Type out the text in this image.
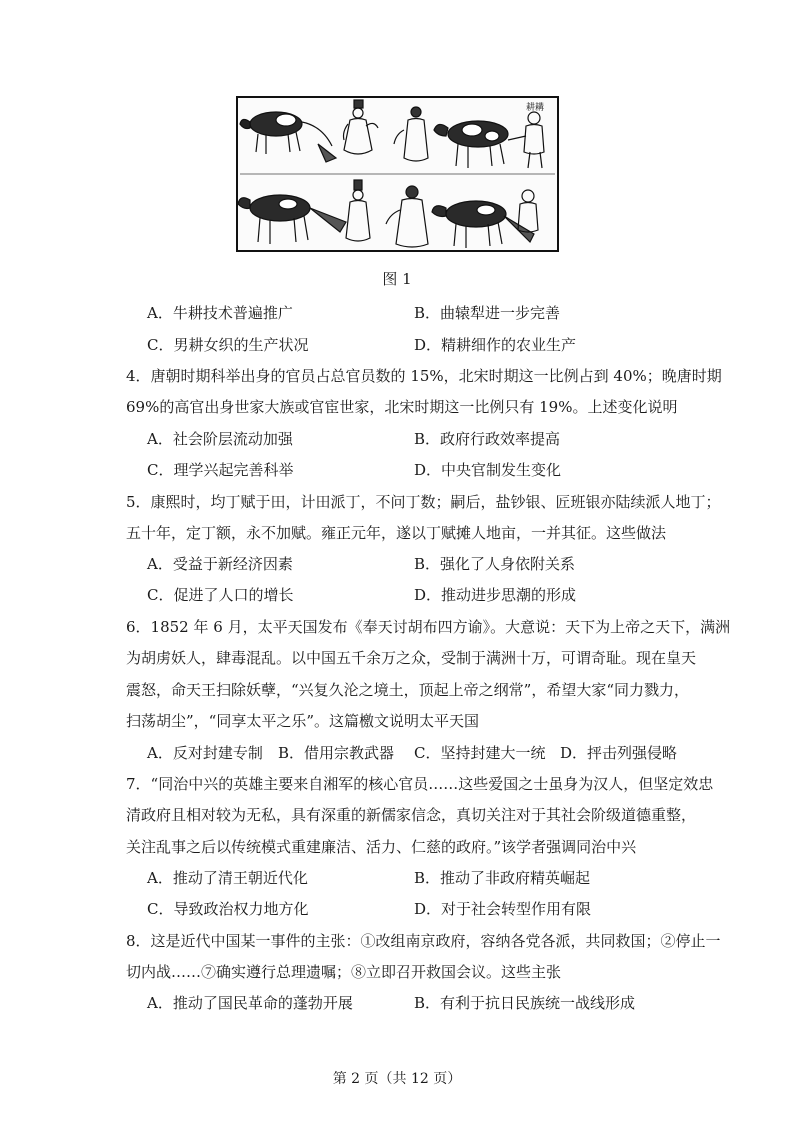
耕耩
图 1
A．牛耕技术普遍推广	B．曲辕犁进一步完善
C．男耕女织的生产状况	D．精耕细作的农业生产
4．唐朝时期科举出身的官员占总官员数的 15%，北宋时期这一比例占到 40%；晚唐时期
69%的高官出身世家大族或官宦世家，北宋时期这一比例只有 19%。上述变化说明
A．社会阶层流动加强	B．政府行政效率提高
C．理学兴起完善科举	D．中央官制发生变化
5．康熙时，均丁赋于田，计田派丁，不问丁数；嗣后，盐钞银、匠班银亦陆续派人地丁；
五十年，定丁额，永不加赋。雍正元年，遂以丁赋摊人地亩，一并其征。这些做法
A．受益于新经济因素	B．强化了人身依附关系
C．促进了人口的增长	D．推动进步思潮的形成
6．1852 年 6 月，太平天国发布《奉天讨胡布四方谕》。大意说：天下为上帝之天下，满洲
为胡虏妖人，肆毒混乱。以中国五千余万之众，受制于满洲十万，可谓奇耻。现在皇天
震怒，命天王扫除妖孽，“兴复久沦之境土，顶起上帝之纲常”，希望大家“同力戮力，
扫荡胡尘”，“同享太平之乐”。这篇檄文说明太平天国
A．反对封建专制 B．借用宗教武器 C．坚持封建大一统 D．抨击列强侵略
7．“同治中兴的英雄主要来自湘军的核心官员……这些爱国之士虽身为汉人，但坚定效忠
清政府且相对较为无私，具有深重的新儒家信念，真切关注对于其社会阶级道德重整，
关注乱事之后以传统模式重建廉洁、活力、仁慈的政府。”该学者强调同治中兴
A．推动了清王朝近代化	B．推动了非政府精英崛起
C．导致政治权力地方化	D．对于社会转型作用有限
8．这是近代中国某一事件的主张：①改组南京政府，容纳各党各派，共同救国；②停止一
切内战……⑦确实遵行总理遗嘱；⑧立即召开救国会议。这些主张
A．推动了国民革命的蓬勃开展	B．有利于抗日民族统一战线形成
第 2 页（共 12 页）
